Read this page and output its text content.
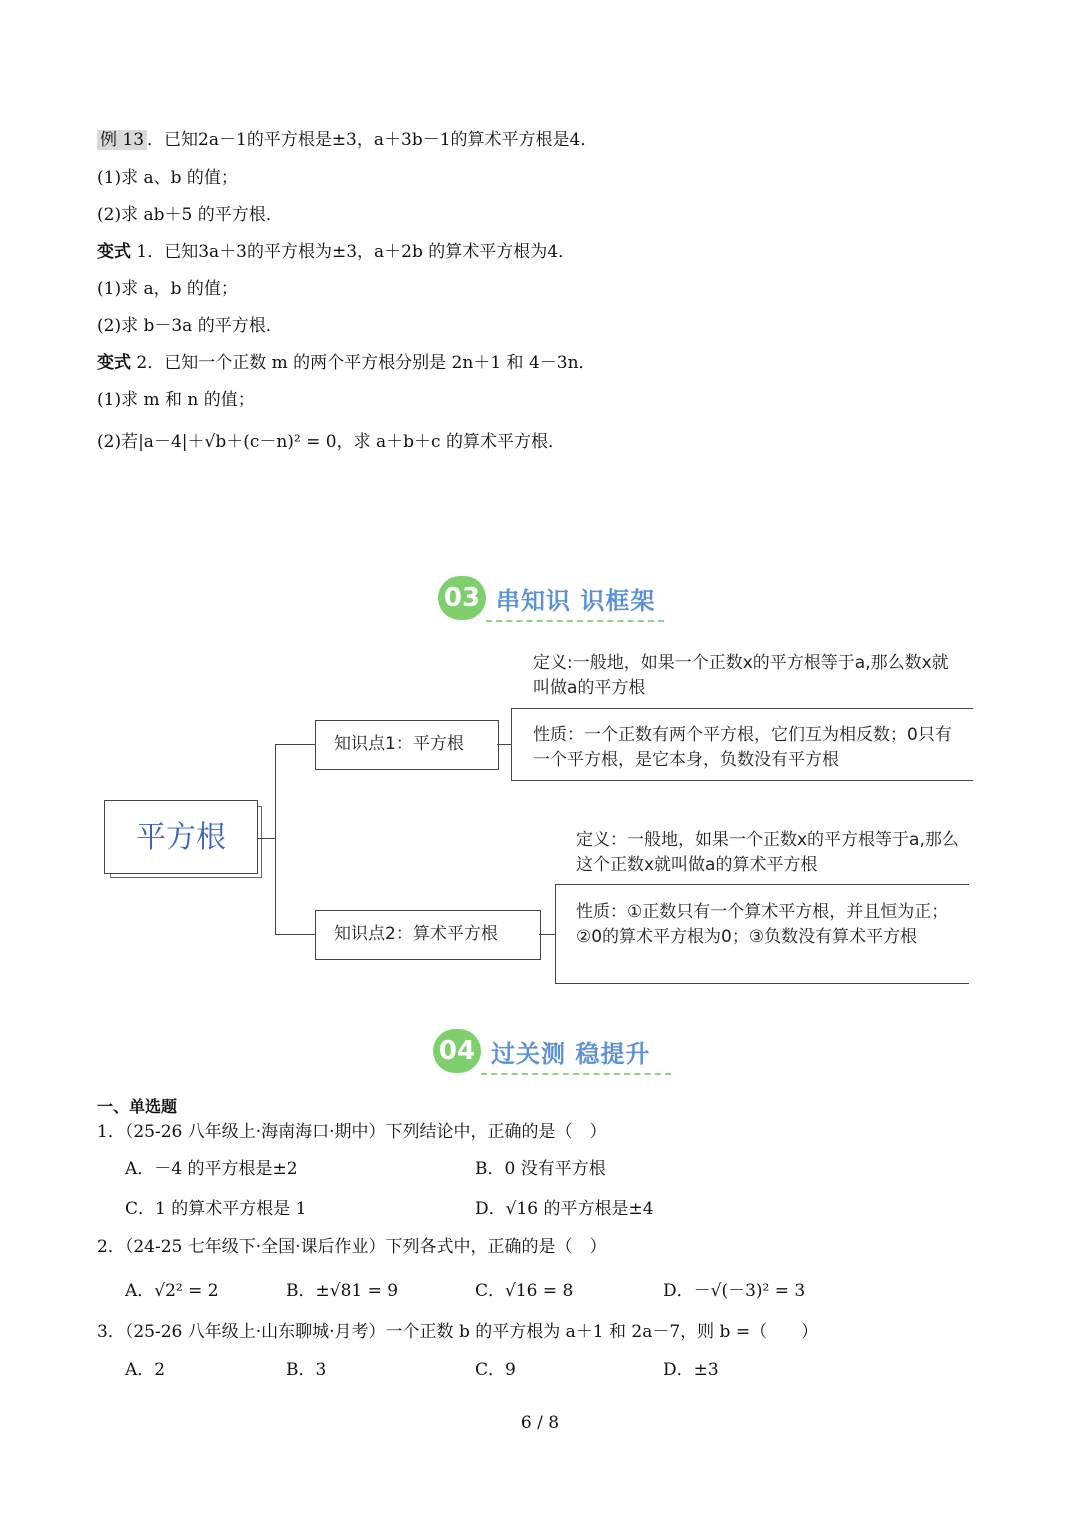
例 13 ．已知2a－1的平方根是±3，a＋3b－1的算术平方根是4．
(1)求 a、b 的值；
(2)求 ab＋5 的平方根．
变式 1．已知3a＋3的平方根为±3，a＋2b 的算术平方根为4．
(1)求 a，b 的值；
(2)求 b－3a 的平方根．
变式 2．已知一个正数 m 的两个平方根分别是 2n＋1 和 4－3n．
(1)求 m 和 n 的值；
(2)若|a－4|＋√b＋(c－n)² = 0，求 a＋b＋c 的算术平方根．
03 串知识 识框架
平方根
知识点1：平方根
定义:一般地，如果一个正数x的平方根等于a,那么数x就叫做a的平方根
性质：一个正数有两个平方根，它们互为相反数；0只有一个平方根，是它本身，负数没有平方根
知识点2：算术平方根
定义：一般地，如果一个正数x的平方根等于a,那么这个正数x就叫做a的算术平方根
性质：①正数只有一个算术平方根，并且恒为正；②0的算术平方根为0；③负数没有算术平方根
04 过关测 稳提升
一、单选题
1．（25-26 八年级上·海南海口·期中）下列结论中，正确的是（　）
A．－4 的平方根是±2	B．0 没有平方根
C．1 的算术平方根是 1	D．√16 的平方根是±4
2．（24-25 七年级下·全国·课后作业）下列各式中，正确的是（　）
A．√2² = 2	B．±√81 = 9	C．√16 = 8	D．－√(－3)² = 3
3．（25-26 八年级上·山东聊城·月考）一个正数 b 的平方根为 a＋1 和 2a－7，则 b =（　　）
A．2	B．3	C．9	D．±3
6 / 8
